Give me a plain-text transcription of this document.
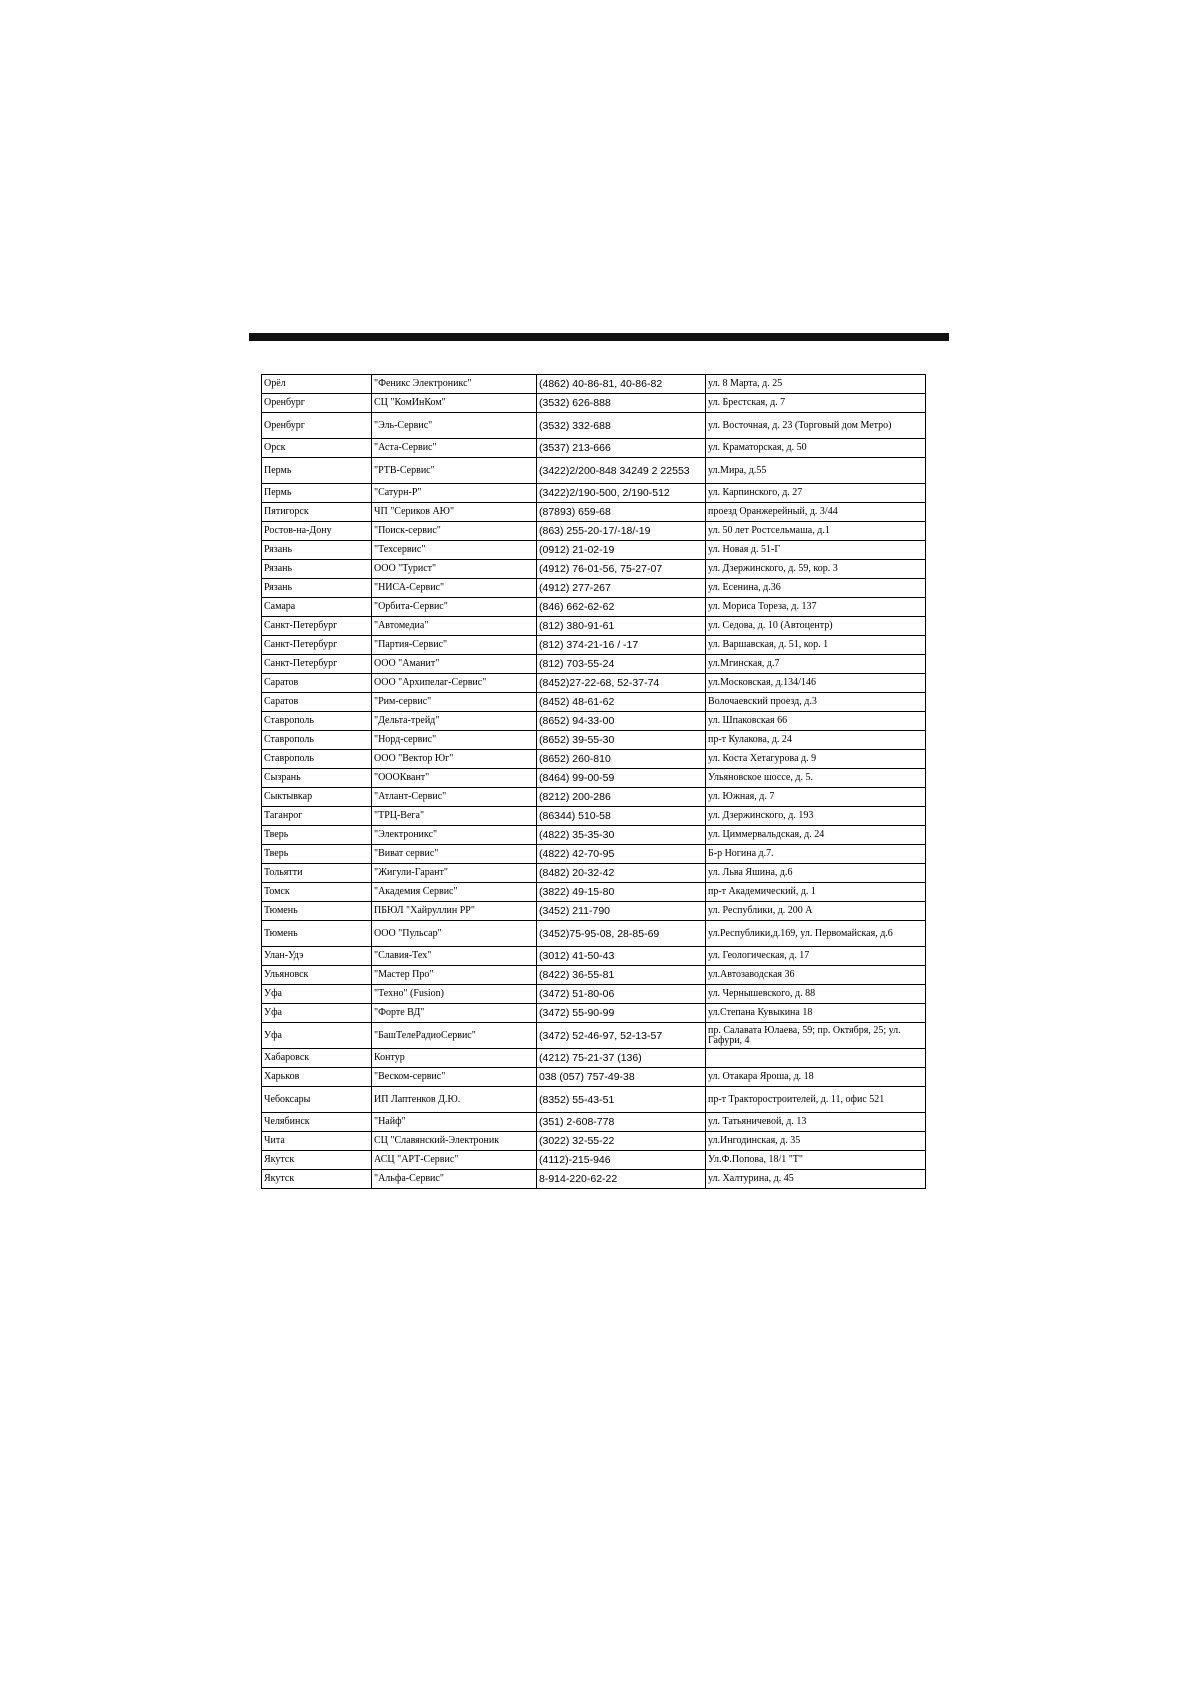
Орёл	"Феникс Электроникс"	(4862) 40-86-81, 40-86-82	ул. 8 Марта, д. 25
Оренбург	СЦ "КомИнКом"	(3532) 626-888	ул. Брестская, д. 7
Оренбург	"Эль-Сервис"	(3532) 332-688	ул. Восточная, д. 23 (Торговый дом Метро)
Орск	"Аста-Сервис"	(3537) 213-666	ул. Краматорская, д. 50
Пермь	"РТВ-Сервис"	(3422)2/200-848 34249 2 22553	ул.Мира, д.55
Пермь	"Сатурн-Р"	(3422)2/190-500, 2/190-512	ул. Карпинского, д. 27
Пятигорск	ЧП "Сериков АЮ"	(87893) 659-68	проезд Оранжерейный, д. 3/44
Ростов-на-Дону	"Поиск-сервис"	(863) 255-20-17/-18/-19	ул. 50 лет Ростсельмаша, д.1
Рязань	"Техсервис"	(0912) 21-02-19	ул. Новая д. 51-Г
Рязань	ООО "Турист"	(4912) 76-01-56, 75-27-07	ул. Дзержинского, д. 59, кор. 3
Рязань	"НИСА-Сервис"	(4912) 277-267	ул. Есенина, д.36
Самара	"Орбита-Сервис"	(846) 662-62-62	ул. Мориса Тореза, д. 137
Санкт-Петербург	"Автомедиа"	(812) 380-91-61	ул. Седова, д. 10 (Автоцентр)
Санкт-Петербург	"Партия-Сервис"	(812) 374-21-16 / -17	ул. Варшавская, д. 51, кор. 1
Санкт-Петербург	ООО "Аманит"	(812) 703-55-24	ул.Мгинская, д.7
Саратов	ООО "Архипелаг-Сервис"	(8452)27-22-68, 52-37-74	ул.Московская, д.134/146
Саратов	"Рим-сервис"	(8452) 48-61-62	Волочаевский проезд, д.3
Ставрополь	"Дельта-трейд"	(8652) 94-33-00	ул. Шпаковская 66
Ставрополь	"Норд-сервис"	(8652) 39-55-30	пр-т Кулакова, д. 24
Ставрополь	ООО "Вектор Юг"	(8652) 260-810	ул. Коста Хетагурова д. 9
Сызрань	"ОООКвант"	(8464) 99-00-59	Ульяновское шоссе, д. 5.
Сыктывкар	"Атлант-Сервис"	(8212) 200-286	ул. Южная, д. 7
Таганрог	"ТРЦ-Вега"	(86344) 510-58	ул. Дзержинского, д. 193
Тверь	"Электроникс"	(4822) 35-35-30	ул. Циммервальдская, д. 24
Тверь	"Виват сервис"	(4822) 42-70-95	Б-р Ногина д.7.
Тольятти	"Жигули-Гарант"	(8482) 20-32-42	ул. Льва Яшина, д.6
Томск	"Академия Сервис"	(3822) 49-15-80	пр-т Академический, д. 1
Тюмень	ПБЮЛ "Хайруллин РР"	(3452) 211-790	ул. Республики, д. 200 А
Тюмень	ООО "Пульсар"	(3452)75-95-08, 28-85-69	ул.Республики,д.169, ул. Первомайская, д.6
Улан-Удэ	"Славия-Тех"	(3012) 41-50-43	ул. Геологическая, д. 17
Ульяновск	"Мастер Про"	(8422) 36-55-81	ул.Автозаводская 36
Уфа	"Техно" (Fusion)	(3472) 51-80-06	ул. Чернышевского, д. 88
Уфа	"Форте ВД"	(3472) 55-90-99	ул.Степана Кувыкина 18
Уфа	"БашТелеРадиоСервис"	(3472) 52-46-97, 52-13-57	пр. Салавата Юлаева, 59; пр. Октября, 25; ул. Гафури, 4
Хабаровск	Контур	(4212) 75-21-37 (136)	
Харьков	"Веском-сервис"	038 (057) 757-49-38	ул. Отакара Яроша, д. 18
Чебоксары	ИП Лаптенков Д.Ю.	(8352) 55-43-51	пр-т Тракторостроителей, д. 11, офис 521
Челябинск	"Найф"	(351) 2-608-778	ул. Татьяничевой, д. 13
Чита	СЦ "Славянский-Электроник	(3022) 32-55-22	ул.Ингодинская, д. 35
Якутск	АСЦ "АРТ-Сервис"	(4112)-215-946	Ул.Ф.Попова, 18/1 "Т"
Якутск	"Альфа-Сервис"	8-914-220-62-22	ул. Халтурина, д. 45
